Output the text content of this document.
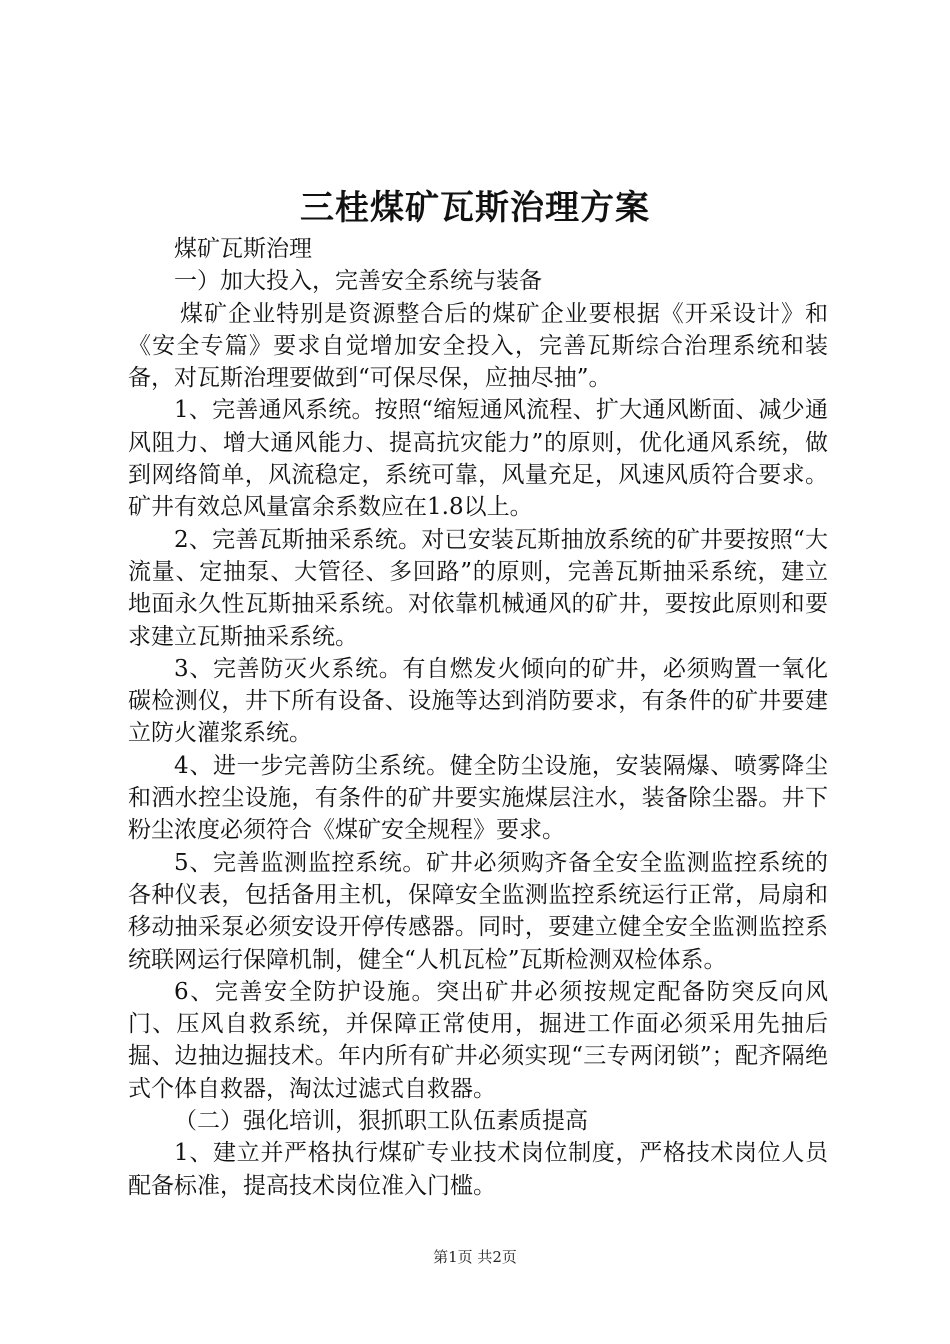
三桂煤矿瓦斯治理方案

煤矿瓦斯治理

一）加大投入，完善安全系统与装备

煤矿企业特别是资源整合后的煤矿企业要根据《开采设计》和《安全专篇》要求自觉增加安全投入，完善瓦斯综合治理系统和装备，对瓦斯治理要做到“可保尽保，应抽尽抽”。

1、完善通风系统。按照“缩短通风流程、扩大通风断面、减少通风阻力、增大通风能力、提高抗灾能力”的原则，优化通风系统，做到网络简单，风流稳定，系统可靠，风量充足，风速风质符合要求。矿井有效总风量富余系数应在1.8以上。

2、完善瓦斯抽采系统。对已安装瓦斯抽放系统的矿井要按照“大流量、定抽泵、大管径、多回路”的原则，完善瓦斯抽采系统，建立地面永久性瓦斯抽采系统。对依靠机械通风的矿井，要按此原则和要求建立瓦斯抽采系统。

3、完善防灭火系统。有自燃发火倾向的矿井，必须购置一氧化碳检测仪，井下所有设备、设施等达到消防要求，有条件的矿井要建立防火灌浆系统。

4、进一步完善防尘系统。健全防尘设施，安装隔爆、喷雾降尘和洒水控尘设施，有条件的矿井要实施煤层注水，装备除尘器。井下粉尘浓度必须符合《煤矿安全规程》要求。

5、完善监测监控系统。矿井必须购齐备全安全监测监控系统的各种仪表，包括备用主机，保障安全监测监控系统运行正常，局扇和移动抽采泵必须安设开停传感器。同时，要建立健全安全监测监控系统联网运行保障机制，健全“人机瓦检”瓦斯检测双检体系。

6、完善安全防护设施。突出矿井必须按规定配备防突反向风门、压风自救系统，并保障正常使用，掘进工作面必须采用先抽后掘、边抽边掘技术。年内所有矿井必须实现“三专两闭锁”；配齐隔绝式个体自救器，淘汰过滤式自救器。

（二）强化培训，狠抓职工队伍素质提高

1、建立并严格执行煤矿专业技术岗位制度，严格技术岗位人员配备标准，提高技术岗位准入门槛。

第1页 共2页
